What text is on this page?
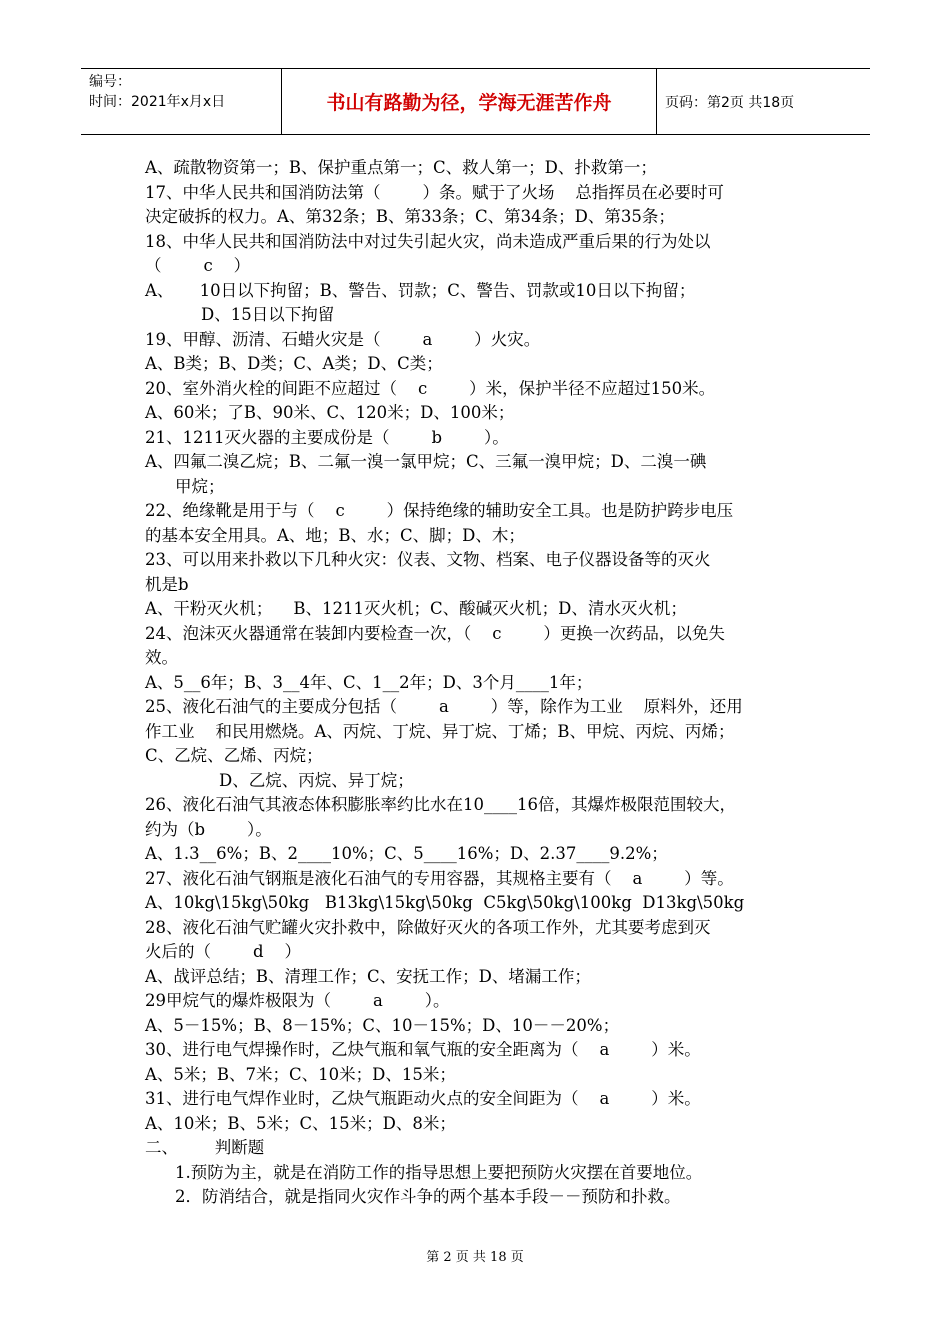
编号：
时间：2021年x月x日	书山有路勤为径，学海无涯苦作舟	页码：第2页 共18页

A、疏散物资第一；B、保护重点第一；C、救人第一；D、扑救第一；

17、中华人民共和国消防法第（        ）条。赋于了火场    总指挥员在必要时可

决定破拆的权力。A、第32条；B、第33条；C、第34条；D、第35条；

18、中华人民共和国消防法中对过失引起火灾，尚未造成严重后果的行为处以

（        c    ）

A、     10日以下拘留；B、警告、罚款；C、警告、罚款或10日以下拘留；

D、15日以下拘留

19、甲醇、沥清、石蜡火灾是（        a        ）火灾。

A、B类；B、D类；C、A类；D、C类；

20、室外消火栓的间距不应超过（    c        ）米，保护半径不应超过150米。

A、60米；了B、90米、C、120米；D、100米；

21、1211灭火器的主要成份是（        b        ）。

A、四氟二溴乙烷；B、二氟一溴一氯甲烷；C、三氟一溴甲烷；D、二溴一碘

甲烷；

22、绝缘靴是用于与（    c        ）保持绝缘的辅助安全工具。也是防护跨步电压

的基本安全用具。A、地；B、水；C、脚；D、木；

23、可以用来扑救以下几种火灾：仪表、文物、档案、电子仪器设备等的灭火

机是b

A、干粉灭火机；    B、1211灭火机；C、酸碱灭火机；D、清水灭火机；

24、泡沫灭火器通常在装卸内要检查一次，（    c        ）更换一次药品，以免失

效。

A、5__6年；B、3__4年、C、1__2年；D、3个月____1年；

25、液化石油气的主要成分包括（        a        ）等，除作为工业    原料外，还用

作工业    和民用燃烧。A、丙烷、丁烷、异丁烷、丁烯；B、甲烷、丙烷、丙烯；

C、乙烷、乙烯、丙烷；

D、乙烷、丙烷、异丁烷；

26、液化石油气其液态体积膨胀率约比水在10____16倍，其爆炸极限范围较大，

约为（b        ）。

A、1.3__6%；B、2____10%；C、5____16%；D、2.37____9.2%；

27、液化石油气钢瓶是液化石油气的专用容器，其规格主要有（    a        ）等。

A、10kg\15kg\50kg   B13kg\15kg\50kg  C5kg\50kg\100kg  D13kg\50kg

28、液化石油气贮罐火灾扑救中，除做好灭火的各项工作外，尤其要考虑到灭

火后的（        d    ）

A、战评总结；B、清理工作；C、安抚工作；D、堵漏工作；

29甲烷气的爆炸极限为（        a        ）。

A、5－15%；B、8－15%；C、10－15%；D、10－－20%；

30、进行电气焊操作时，乙炔气瓶和氧气瓶的安全距离为（    a        ）米。

A、5米；B、7米；C、10米；D、15米；

31、进行电气焊作业时，乙炔气瓶距动火点的安全间距为（    a        ）米。

A、10米；B、5米；C、15米；D、8米；

二、       判断题

1.预防为主，就是在消防工作的指导思想上要把预防火灾摆在首要地位。

2．防消结合，就是指同火灾作斗争的两个基本手段－－预防和扑救。

第 2 页 共 18 页
